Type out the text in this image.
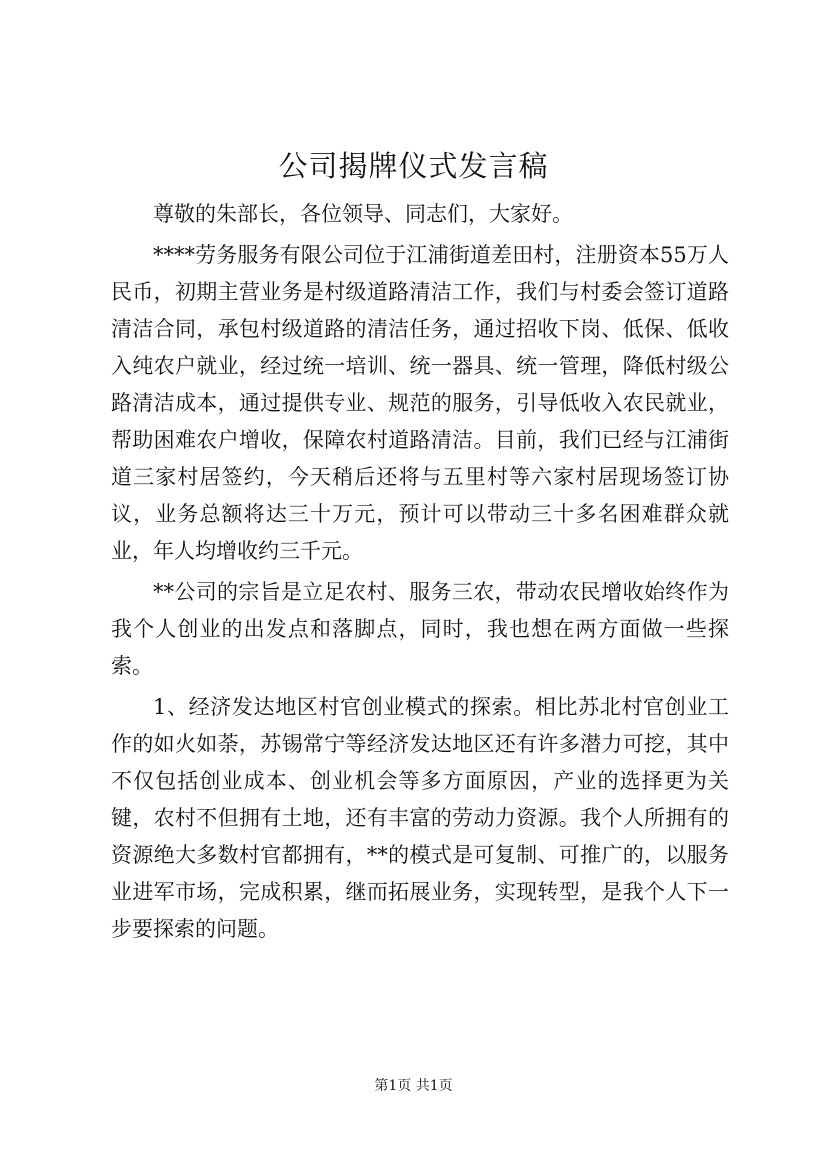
公司揭牌仪式发言稿

尊敬的朱部长，各位领导、同志们，大家好。

****劳务服务有限公司位于江浦街道差田村，注册资本55万人民币，初期主营业务是村级道路清洁工作，我们与村委会签订道路清洁合同，承包村级道路的清洁任务，通过招收下岗、低保、低收入纯农户就业，经过统一培训、统一器具、统一管理，降低村级公路清洁成本，通过提供专业、规范的服务，引导低收入农民就业，帮助困难农户增收，保障农村道路清洁。目前，我们已经与江浦街道三家村居签约，今天稍后还将与五里村等六家村居现场签订协议，业务总额将达三十万元，预计可以带动三十多名困难群众就业，年人均增收约三千元。

**公司的宗旨是立足农村、服务三农，带动农民增收始终作为我个人创业的出发点和落脚点，同时，我也想在两方面做一些探索。

1、经济发达地区村官创业模式的探索。相比苏北村官创业工作的如火如荼，苏锡常宁等经济发达地区还有许多潜力可挖，其中不仅包括创业成本、创业机会等多方面原因，产业的选择更为关键，农村不但拥有土地，还有丰富的劳动力资源。我个人所拥有的资源绝大多数村官都拥有，**的模式是可复制、可推广的，以服务业进军市场，完成积累，继而拓展业务，实现转型，是我个人下一步要探索的问题。

第1页 共1页
